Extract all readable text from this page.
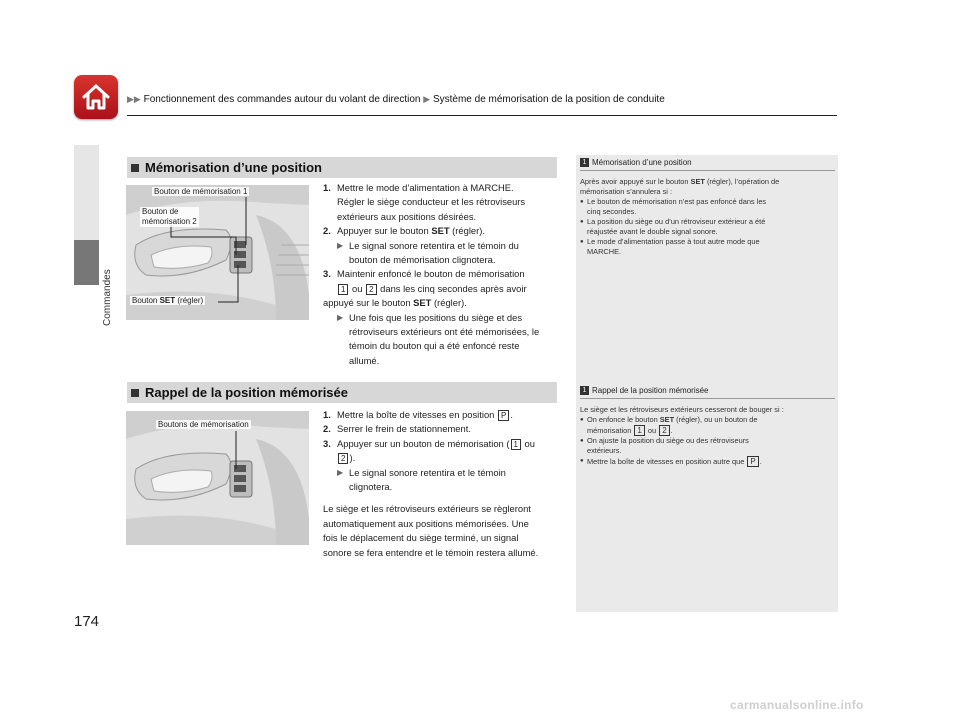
▶▶ Fonctionnement des commandes autour du volant de direction ▶ Système de mémorisation de la position de conduite
Commandes
174
Mémorisation d’une position
Bouton de mémorisation 1
Bouton de
mémorisation 2
Bouton SET (régler)
1. Mettre le mode d’alimentation à MARCHE.
Régler le siège conducteur et les rétroviseurs
extérieurs aux positions désirées.
2. Appuyer sur le bouton SET (régler).
▶ Le signal sonore retentira et le témoin du
bouton de mémorisation clignotera.
3. Maintenir enfoncé le bouton de mémorisation
1 ou 2 dans les cinq secondes après avoir
appuyé sur le bouton SET (régler).
▶ Une fois que les positions du siège et des
rétroviseurs extérieurs ont été mémorisées, le
témoin du bouton qui a été enfoncé reste
allumé.
1 Mémorisation d’une position
Après avoir appuyé sur le bouton SET (régler), l’opération de
mémorisation s’annulera si :
● Le bouton de mémorisation n’est pas enfoncé dans les
cinq secondes.
● La position du siège ou d’un rétroviseur extérieur a été
réajustée avant le double signal sonore.
● Le mode d’alimentation passe à tout autre mode que
MARCHE.
Rappel de la position mémorisée
Boutons de mémorisation
1. Mettre la boîte de vitesses en position P .
2. Serrer le frein de stationnement.
3. Appuyer sur un bouton de mémorisation ( 1 ou
2 ).
▶ Le signal sonore retentira et le témoin
clignotera.
Le siège et les rétroviseurs extérieurs se règleront
automatiquement aux positions mémorisées. Une
fois le déplacement du siège terminé, un signal
sonore se fera entendre et le témoin restera allumé.
1 Rappel de la position mémorisée
Le siège et les rétroviseurs extérieurs cesseront de bouger si :
● On enfonce le bouton SET (régler), ou un bouton de
mémorisation 1 ou 2 .
● On ajuste la position du siège ou des rétroviseurs
extérieurs.
● Mettre la boîte de vitesses en position autre que P .
carmanualsonline.info
